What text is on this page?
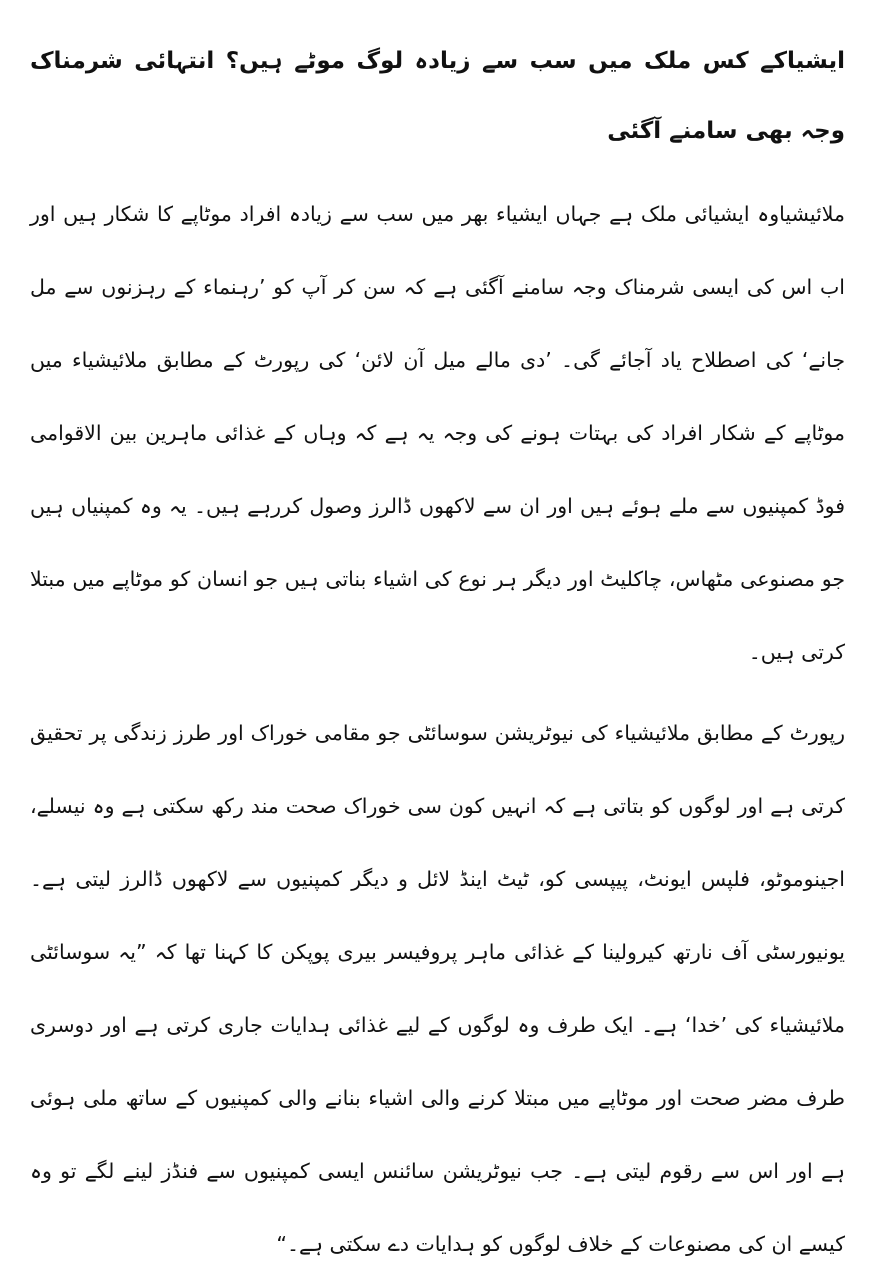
ایشیاکے کس ملک میں سب سے زیادہ لوگ موٹے ہیں؟ انتہائی شرمناک وجہ بھی سامنے آگئی

ملائیشیاوہ ایشیائی ملک ہے جہاں ایشیاء بھر میں سب سے زیادہ افراد موٹاپے کا شکار ہیں اور اب اس کی ایسی شرمناک وجہ سامنے آگئی ہے کہ سن کر آپ کو ’رہنماء کے رہزنوں سے مل جانے‘ کی اصطلاح یاد آجائے گی۔ ’دی مالے میل آن لائن‘ کی رپورٹ کے مطابق ملائیشیاء میں موٹاپے کے شکار افراد کی بہتات ہونے کی وجہ یہ ہے کہ وہاں کے غذائی ماہرین بین الاقوامی فوڈ کمپنیوں سے ملے ہوئے ہیں اور ان سے لاکھوں ڈالرز وصول کررہے ہیں۔ یہ وہ کمپنیاں ہیں جو مصنوعی مٹھاس، چاکلیٹ اور دیگر ہر نوع کی اشیاء بناتی ہیں جو انسان کو موٹاپے میں مبتلا کرتی ہیں۔

رپورٹ کے مطابق ملائیشیاء کی نیوٹریشن سوسائٹی جو مقامی خوراک اور طرز زندگی پر تحقیق کرتی ہے اور لوگوں کو بتاتی ہے کہ انہیں کون سی خوراک صحت مند رکھ سکتی ہے وہ نیسلے، اجینوموٹو، فلپس ایونٹ، پیپسی کو، ٹیٹ اینڈ لائل و دیگر کمپنیوں سے لاکھوں ڈالرز لیتی ہے۔ یونیورسٹی آف نارتھ کیرولینا کے غذائی ماہر پروفیسر بیری پوپکن کا کہنا تھا کہ ”یہ سوسائٹی ملائیشیاء کی ’خدا‘ ہے۔ ایک طرف وہ لوگوں کے لیے غذائی ہدایات جاری کرتی ہے اور دوسری طرف مضر صحت اور موٹاپے میں مبتلا کرنے والی اشیاء بنانے والی کمپنیوں کے ساتھ ملی ہوئی ہے اور اس سے رقوم لیتی ہے۔ جب نیوٹریشن سائنس ایسی کمپنیوں سے فنڈز لینے لگے تو وہ کیسے ان کی مصنوعات کے خلاف لوگوں کو ہدایات دے سکتی ہے۔“
